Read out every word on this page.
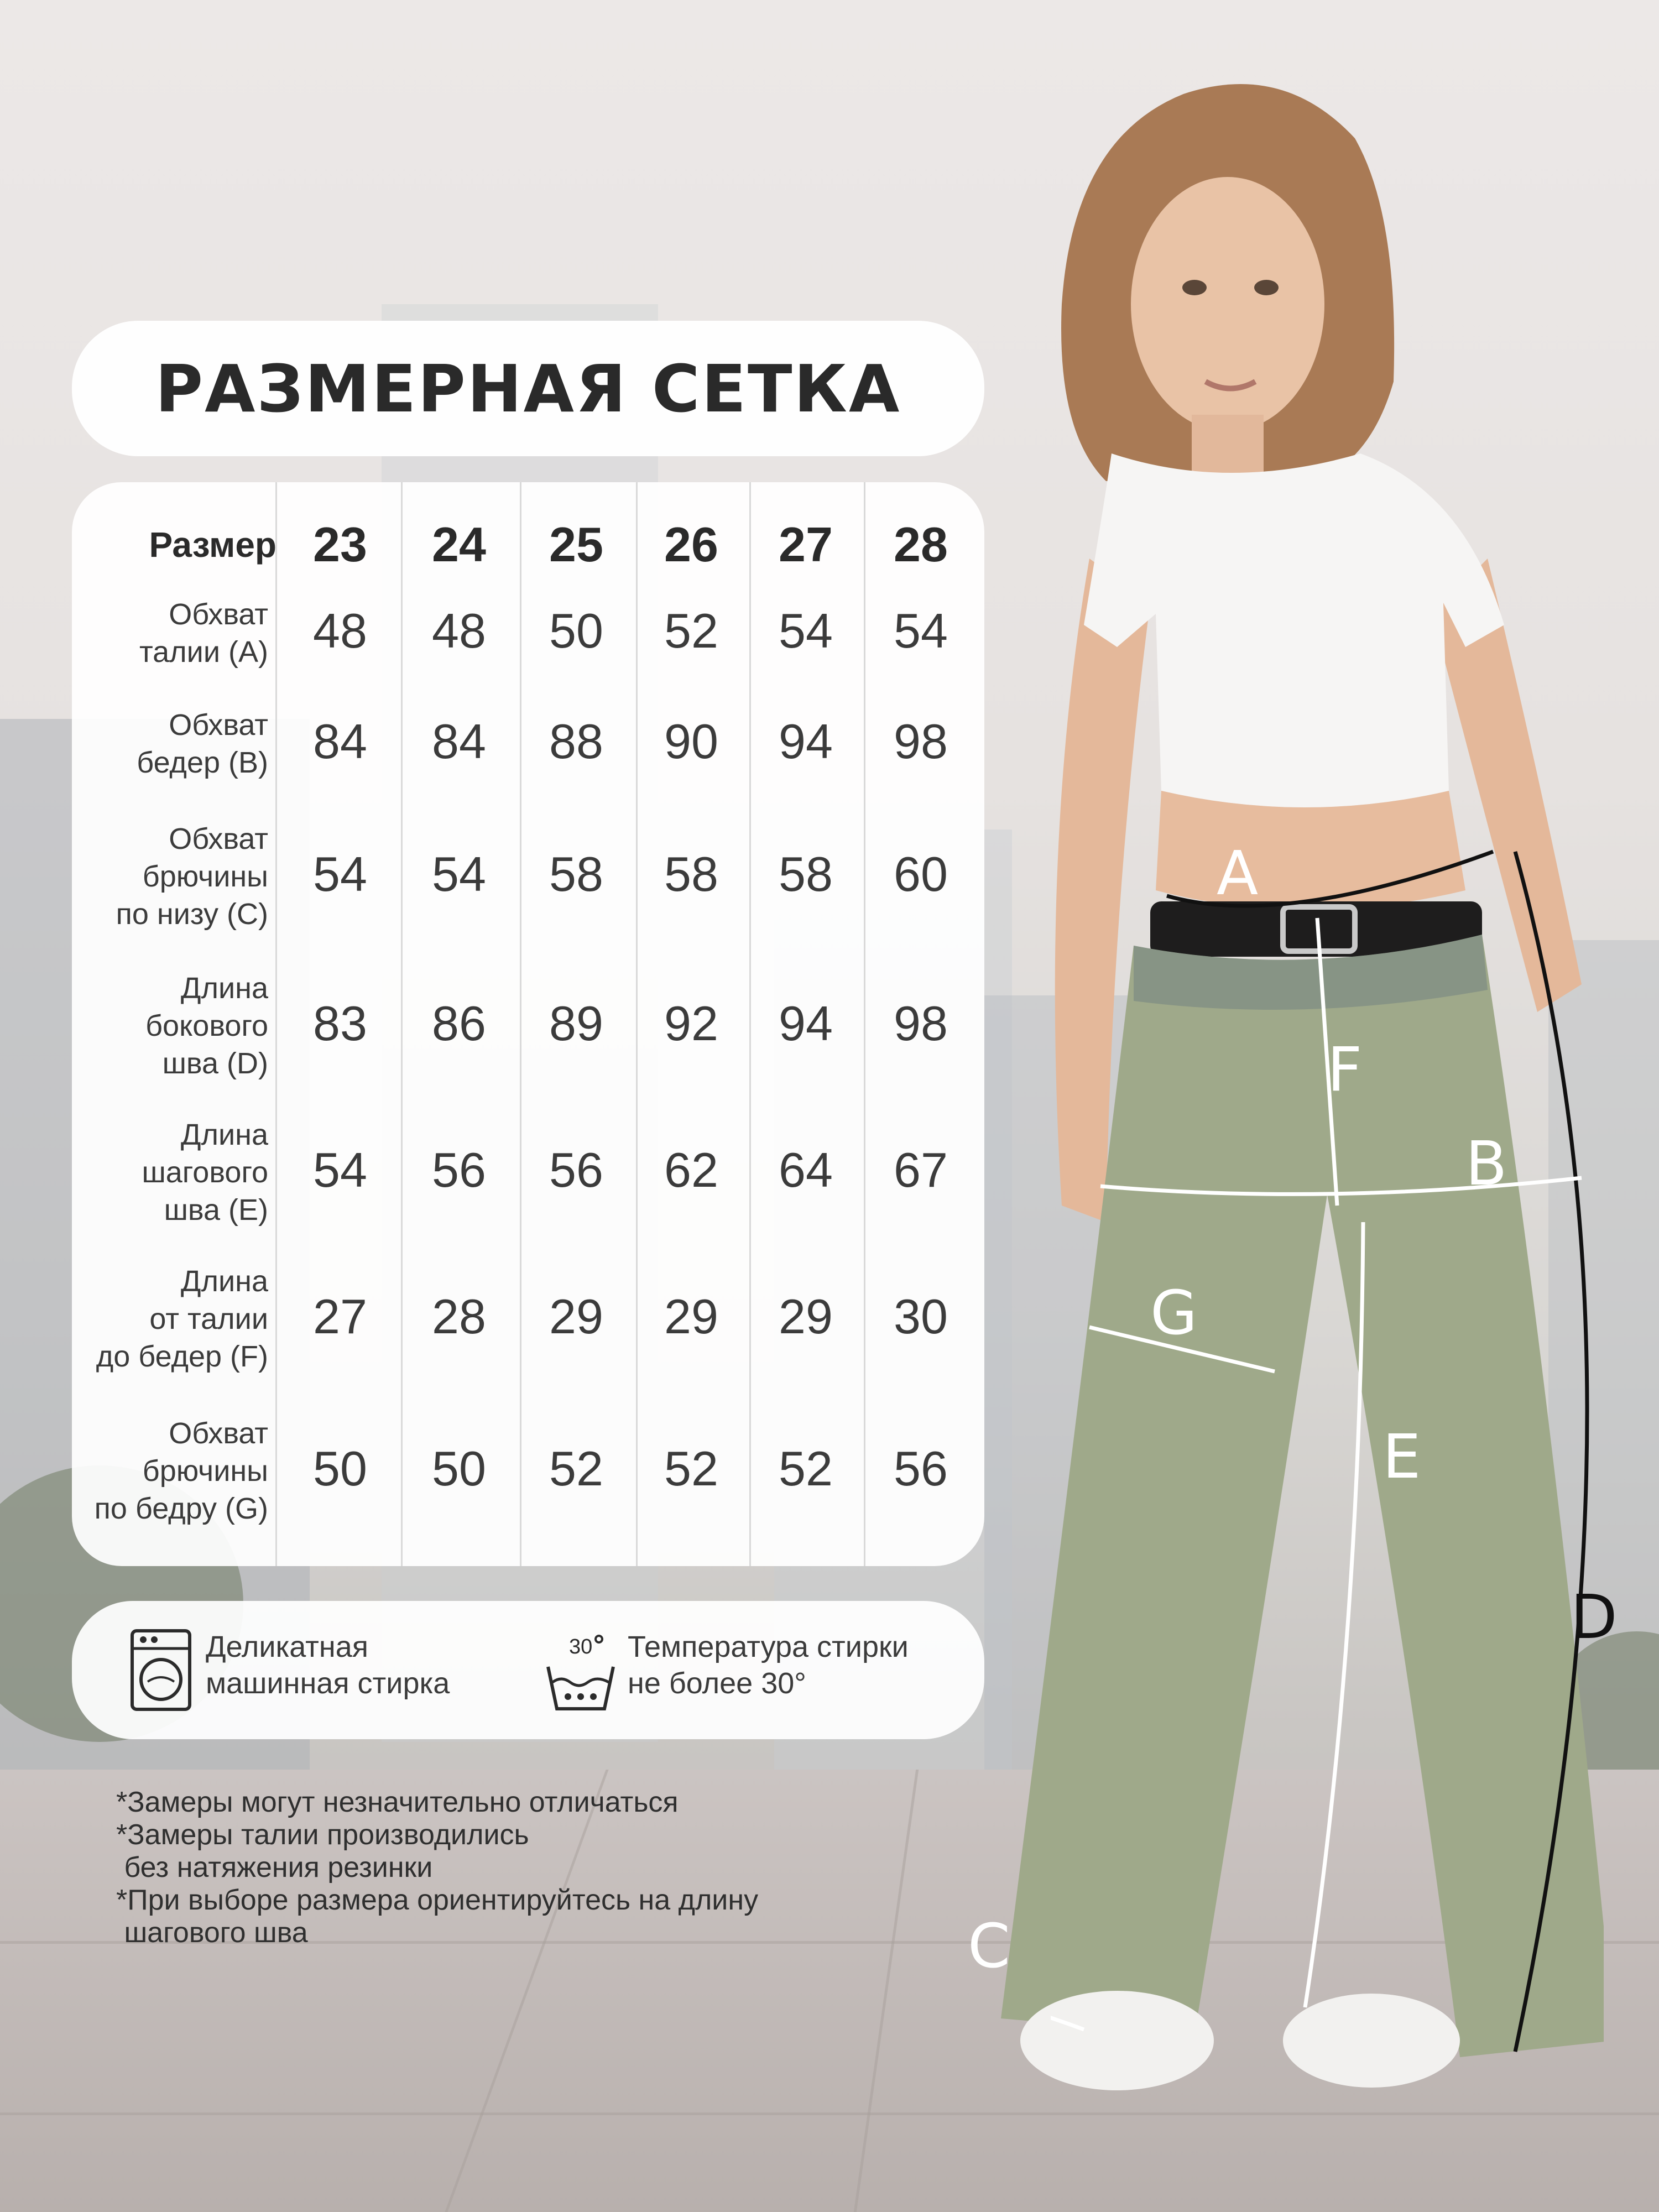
A
B
C
D
E
F
G
РАЗМЕРНАЯ СЕТКА
Размер 23	24	25	26	27	28
Обхват
талии (А) 48	48	50	52	54	54
Обхват
бедер (B) 84	84	88	90	94	98
Обхват
брючины
по низу (C)
54	54	58	58	58	60
Длина
бокового
шва (D)
83	86	89	92	94	98
Длина
шагового
шва (E)
54	56	56	62	64	67
Длина
от талии
до бедер (F)
27	28	29	29	29	30
Обхват
брючины
по бедру (G)
50	50	52	52	52	56
Деликатная
машинная стирка
30 Температура стирки
не более 30°
*Замеры могут незначительно отличаться
*Замеры талии производились
без натяжения резинки
*При выборе размера ориентируйтесь на длину
шагового шва
